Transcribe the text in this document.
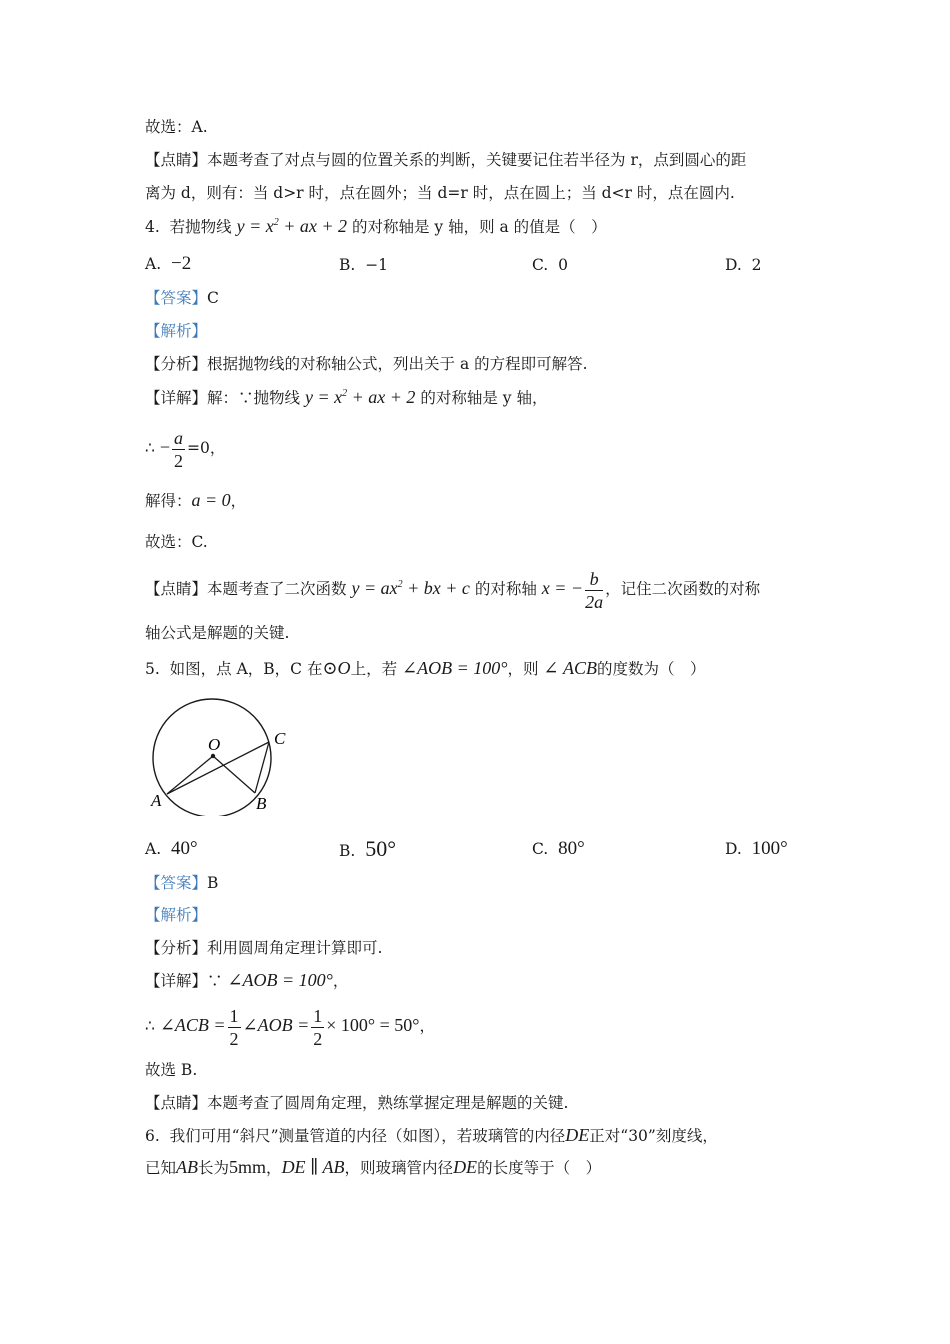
故选：A.
【点睛】本题考查了对点与圆的位置关系的判断，关键要记住若半径为 r，点到圆心的距
离为 d，则有：当 d>r 时，点在圆外；当 d=r 时，点在圆上；当 d<r 时，点在圆内.
4. 若抛物线 $y = x^2$ + ax + 2 的对称轴是 y 轴，则 a 的值是（　）
A. −2	B. −1	C. 0	D. 2
【答案】C
【解析】
【分析】根据抛物线的对称轴公式，列出关于 a 的方程即可解答.
【详解】解：∵抛物线 $y = x^2$ + ax + 2 的对称轴是 y 轴，
∴ − $\frac{a}{2} =0$，
解得：a = 0，
故选：C.
【点睛】本题考查了二次函数 $y = ax^2$ + bx + c 的对称轴 x = − $\frac{b}{2a}$ ，记住二次函数的对称
轴公式是解题的关键.
5. 如图，点 A，B，C 在⊙O上，若 ∠AOB = 100°，则 ∠ ACB的度数为（　）
O
A	B
C
A. 40°	B. 50°	C. 80°	D. 100°
【答案】B
【解析】
【分析】利用圆周角定理计算即可.
【详解】∵ ∠AOB = 100°，
∴ ∠ACB = $\frac{1}{2}$ ∠AOB = $\frac{1}{2} \times 100^\circ = 50^\circ$，
故选 B.
【点睛】本题考查了圆周角定理，熟练掌握定理是解题的关键.
6. 我们可用“斜尺”测量管道的内径（如图），若玻璃管的内径DE正对“30”刻度线，
已知AB长为5mm，DE ∥ AB，则玻璃管内径DE的长度等于（　）
